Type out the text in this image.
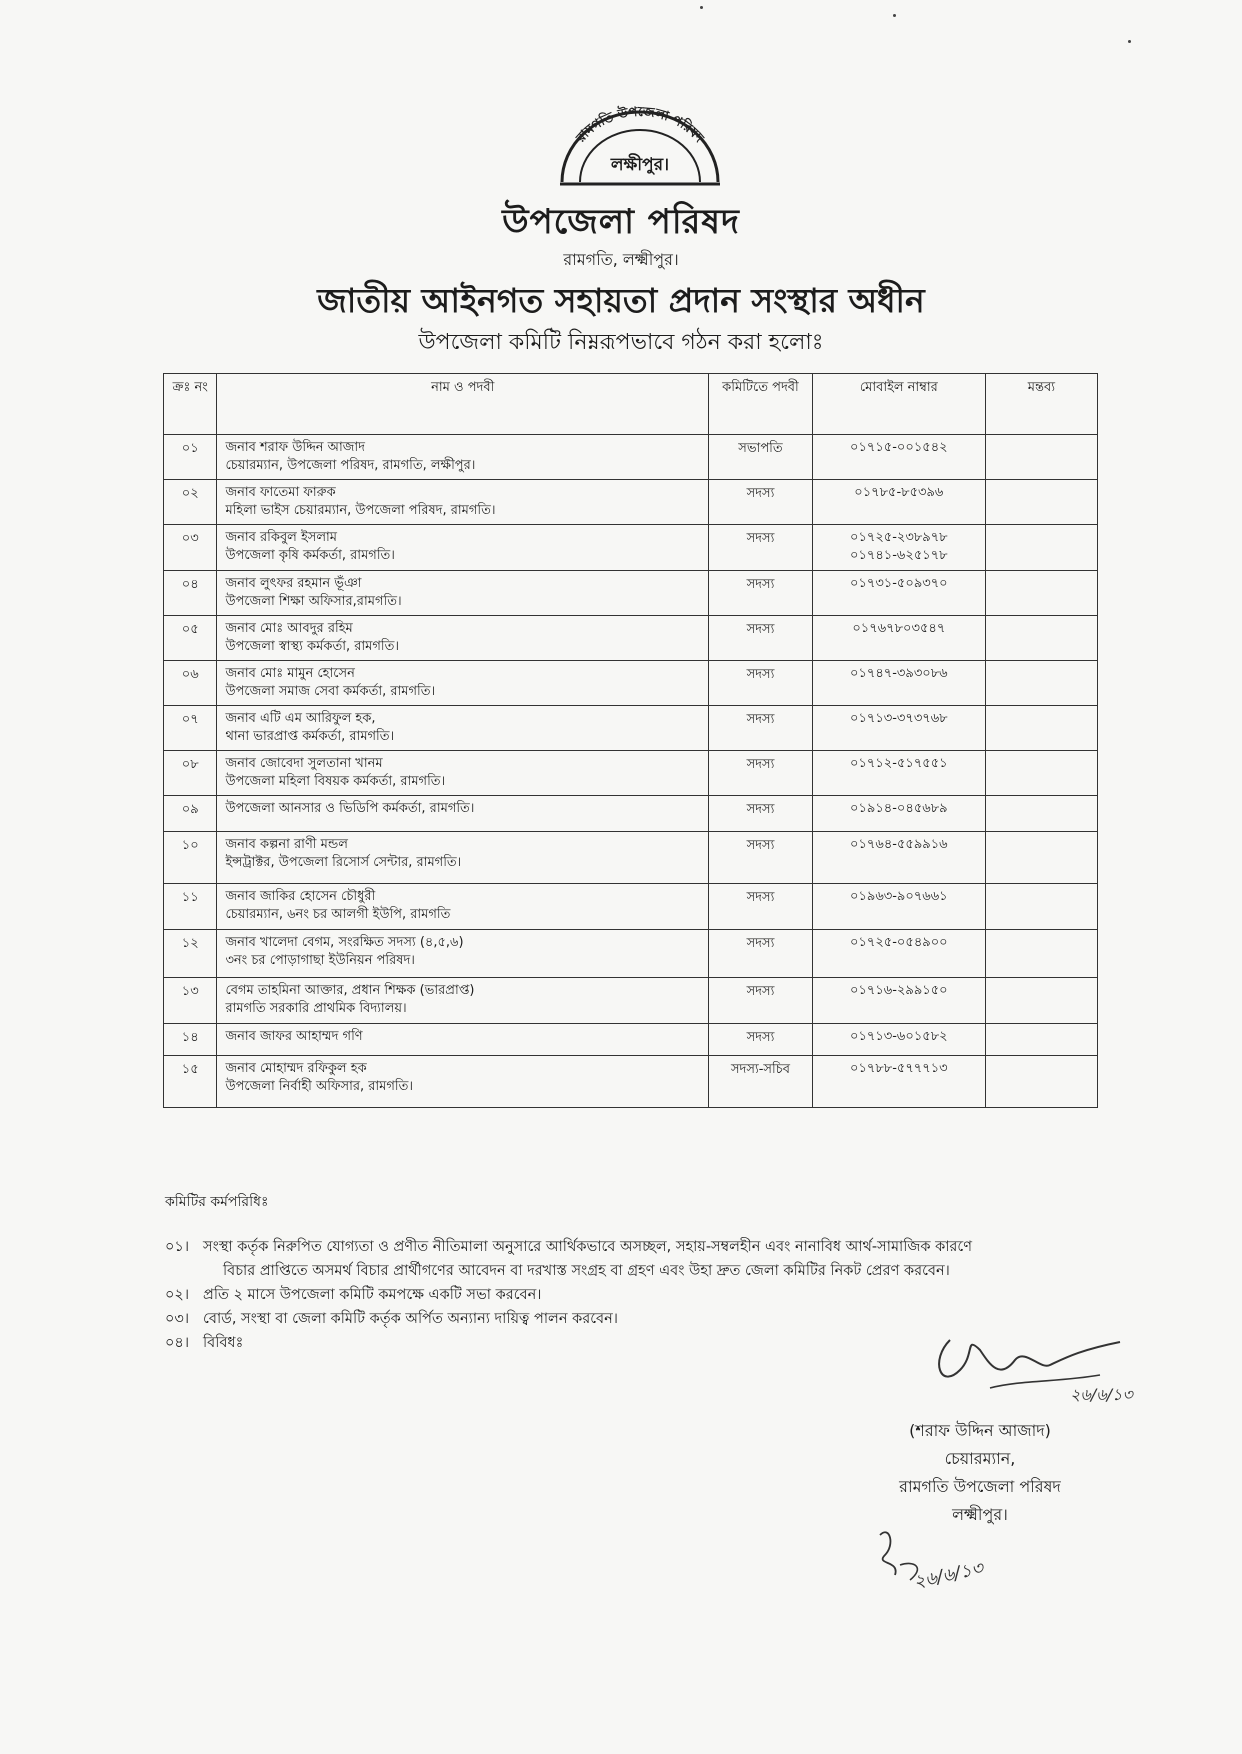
রামগতি উপজেলা পরিষদ
লক্ষীপুর।
উপজেলা পরিষদ
রামগতি, লক্ষ্মীপুর।
জাতীয় আইনগত সহায়তা প্রদান সংস্থার অধীন
উপজেলা কমিটি নিম্নরূপভাবে গঠন করা হলোঃ
ক্রঃ নং	নাম ও পদবী	কমিটিতে পদবী	মোবাইল নাম্বার	মন্তব্য
০১	জনাব শরাফ উদ্দিন আজাদ
চেয়ারম্যান, উপজেলা পরিষদ, রামগতি, লক্ষীপুর।	সভাপতি	০১৭১৫-০০১৫৪২	

০২	জনাব ফাতেমা ফারুক
মহিলা ভাইস চেয়ারম্যান, উপজেলা পরিষদ, রামগতি।	সদস্য	০১৭৮৫-৮৫৩৯৬	

০৩	জনাব রকিবুল ইসলাম
উপজেলা কৃষি কর্মকর্তা, রামগতি।	সদস্য	০১৭২৫-২৩৮৯৭৮
০১৭৪১-৬২৫১৭৮	

০৪	জনাব লুৎফর রহমান ভূঁঞা
উপজেলা শিক্ষা অফিসার,রামগতি।	সদস্য	০১৭৩১-৫০৯৩৭০	

০৫	জনাব মোঃ আবদুর রহিম
উপজেলা স্বাস্থ্য কর্মকর্তা, রামগতি।	সদস্য	০১৭৬৭৮০৩৫৪৭	

০৬	জনাব মোঃ মামুন হোসেন
উপজেলা সমাজ সেবা কর্মকর্তা, রামগতি।	সদস্য	০১৭৪৭-৩৯৩০৮৬	

০৭	জনাব এটি এম আরিফুল হক,
থানা ভারপ্রাপ্ত কর্মকর্তা, রামগতি।	সদস্য	০১৭১৩-৩৭৩৭৬৮	

০৮	জনাব জোবেদা সুলতানা খানম
উপজেলা মহিলা বিষয়ক কর্মকর্তা, রামগতি।	সদস্য	০১৭১২-৫১৭৫৫১	

০৯	উপজেলা আনসার ও ভিডিপি কর্মকর্তা, রামগতি।	সদস্য	০১৯১৪-০৪৫৬৮৯	

১০	জনাব কল্পনা রাণী মন্ডল
ইন্সট্রাক্টর, উপজেলা রিসোর্স সেন্টার, রামগতি।	সদস্য	০১৭৬৪-৫৫৯৯১৬	

১১	জনাব জাকির হোসেন চৌধুরী
চেয়ারম্যান, ৬নং চর আলগী ইউপি, রামগতি	সদস্য	০১৯৬৩-৯০৭৬৬১	

১২	জনাব খালেদা বেগম, সংরক্ষিত সদস্য (৪,৫,৬)
৩নং চর পোড়াগাছা ইউনিয়ন পরিষদ।	সদস্য	০১৭২৫-০৫৪৯০০	

১৩	বেগম তাহমিনা আক্তার, প্রধান শিক্ষক (ভারপ্রাপ্ত)
রামগতি সরকারি প্রাথমিক বিদ্যালয়।	সদস্য	০১৭১৬-২৯৯১৫০	

১৪	জনাব জাফর আহাম্মদ গণি	সদস্য	০১৭১৩-৬০১৫৮২	

১৫	জনাব মোহাম্মদ রফিকুল হক
উপজেলা নির্বাহী অফিসার, রামগতি।	সদস্য-সচিব	০১৭৮৮-৫৭৭৭১৩	

কমিটির কর্মপরিধিঃ
০১। সংস্থা কর্তৃক নিরুপিত যোগ্যতা ও প্রণীত নীতিমালা অনুসারে আর্থিকভাবে অসচ্ছল, সহায়-সম্বলহীন এবং নানাবিধ আর্থ-সামাজিক কারণে
বিচার প্রাপ্তিতে অসমর্থ বিচার প্রার্থীগণের আবেদন বা দরখাস্ত সংগ্রহ বা গ্রহণ এবং উহা দ্রুত জেলা কমিটির নিকট প্রেরণ করবেন।
০২। প্রতি ২ মাসে উপজেলা কমিটি কমপক্ষে একটি সভা করবেন।
০৩। বোর্ড, সংস্থা বা জেলা কমিটি কর্তৃক অর্পিত অন্যান্য দায়িত্ব পালন করবেন।
০৪। বিবিধঃ
২৬/৬/১৩
(শরাফ উদ্দিন আজাদ)
চেয়ারম্যান,
রামগতি উপজেলা পরিষদ
লক্ষ্মীপুর।
২৬/৬/১৩
